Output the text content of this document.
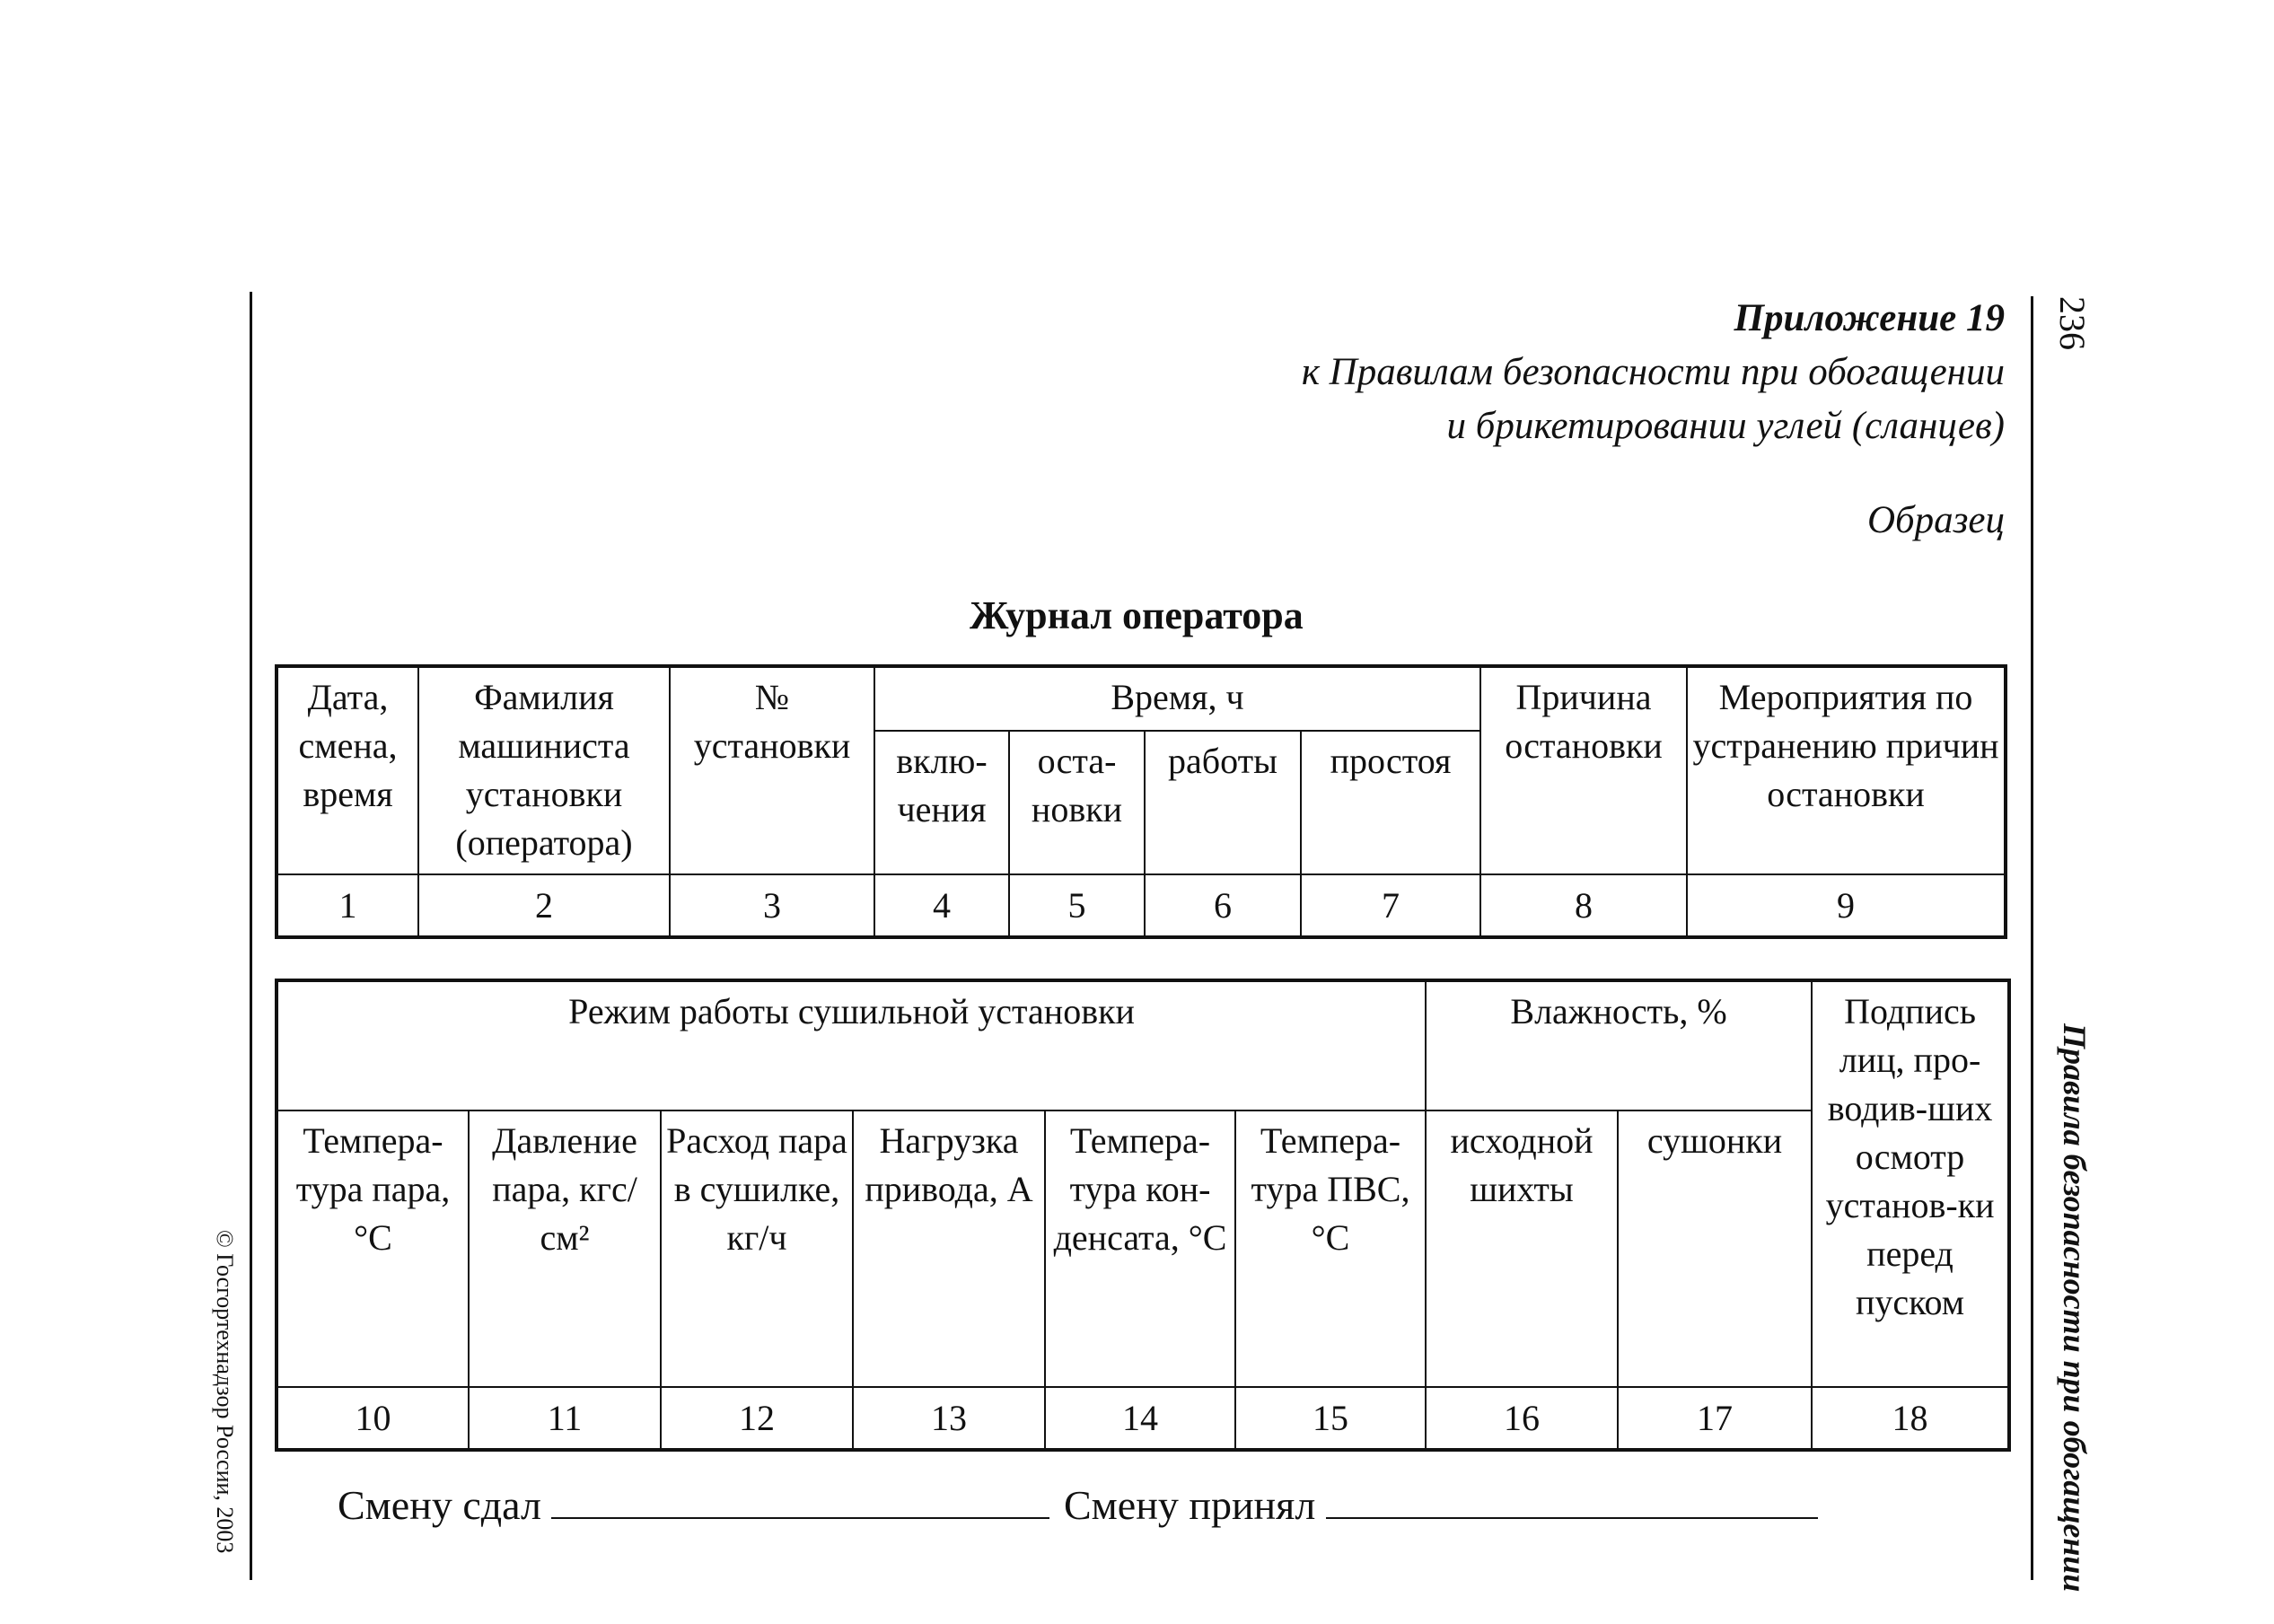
© Госгортехнадзор России, 2003
236
Правила безопасности при обогащении
Приложение 19
к Правилам безопасности при обогащении
и брикетировании углей (сланцев)
Образец
Журнал оператора
Дата, смена, время	Фамилия машиниста установки (оператора)	№ установки	Время, ч				Причина остановки	Мероприятия по устранению причин остановки
			вклю-чения	оста-новки	работы	простоя		
1	2	3	4	5	6	7	8	9
Режим работы сушильной установки						Влажность, %		Подпись лиц, про-водив-ших осмотр установ-ки перед пуском
Темпера-тура пара, °С	Давление пара, кгс/см²	Расход пара в сушилке, кг/ч	Нагрузка привода, А	Темпера-тура кон-денсата, °С	Темпера-тура ПВС, °С	исходной шихты	сушонки	
10	11	12	13	14	15	16	17	18
Смену сдал	Смену принял
